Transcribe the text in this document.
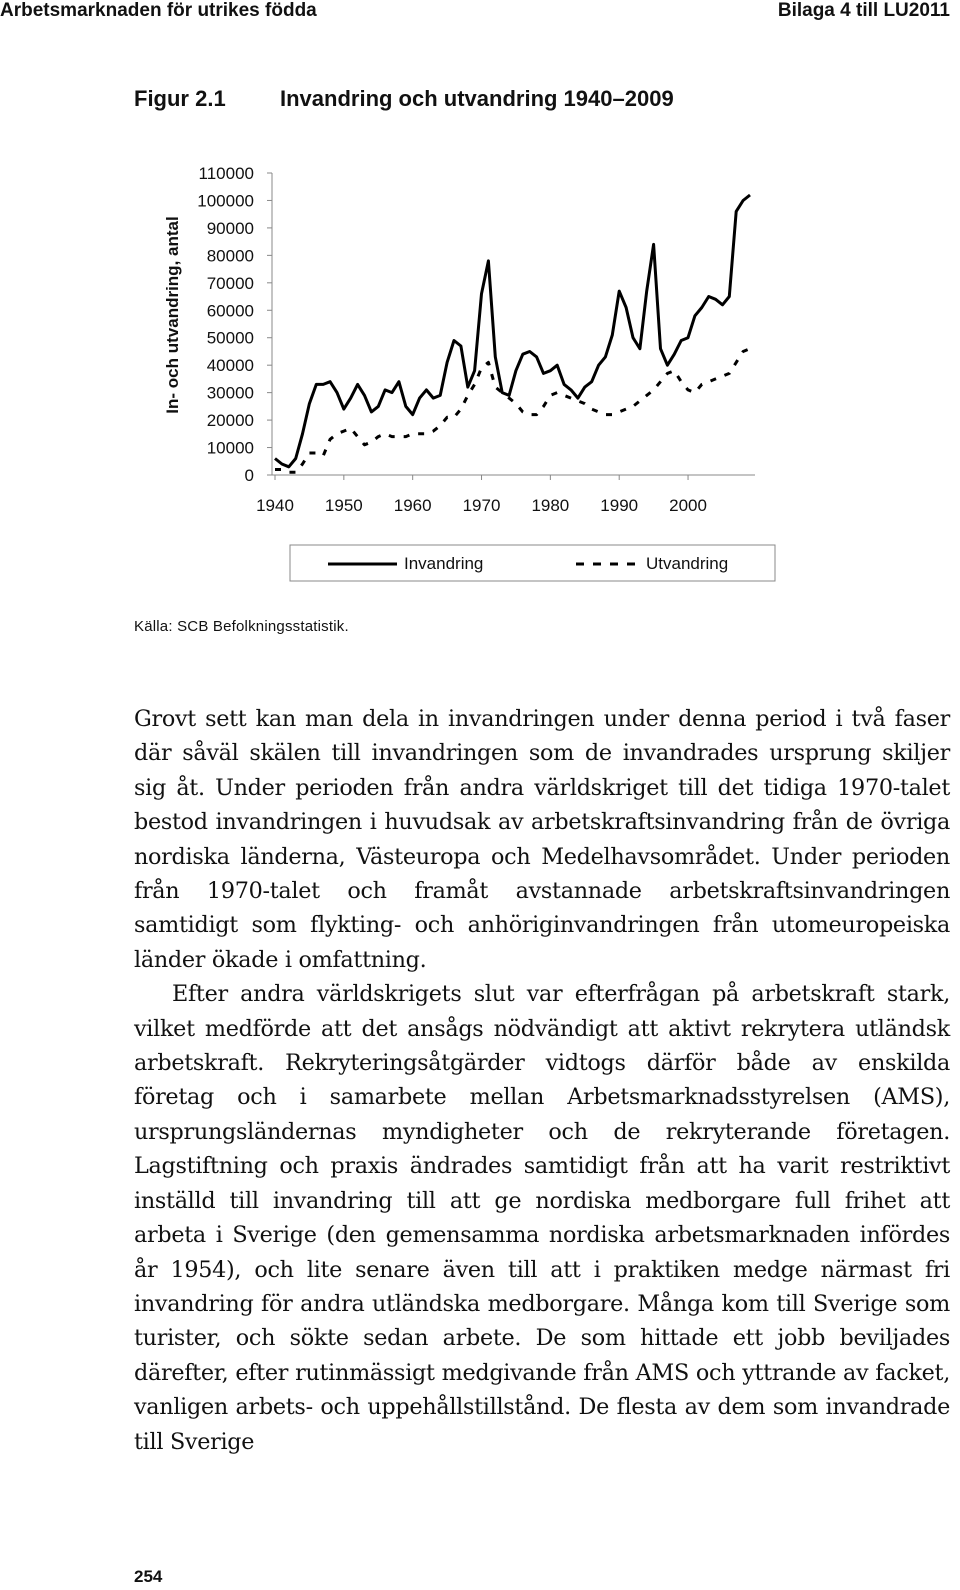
Arbetsmarknaden för utrikes födda	Bilaga 4 till LU2011
Figur 2.1 Invandring och utvandring 1940–2009
In- och utvandring, antal
110000
100000
90000
80000
70000
60000
50000
40000
30000
20000
10000
0
1940 1950 1960 1970 1980 1990 2000
Invandring	Utvandring
Källa: SCB Befolkningsstatistik.

Grovt sett kan man dela in invandringen under denna period i två faser där såväl skälen till invandringen som de invandrades ursprung skiljer sig åt. Under perioden från andra världskriget till det tidiga 1970-talet bestod invandringen i huvudsak av arbetskraftsinvandring från de övriga nordiska länderna, Västeuropa och Medelhavsområdet. Under perioden från 1970-talet och framåt avstannade arbetskraftsinvandringen samtidigt som flykting- och anhöriginvandringen från utomeuropeiska länder ökade i omfattning.

Efter andra världskrigets slut var efterfrågan på arbetskraft stark, vilket medförde att det ansågs nödvändigt att aktivt rekrytera utländsk arbetskraft. Rekryteringsåtgärder vidtogs därför både av enskilda företag och i samarbete mellan Arbetsmarknadsstyrelsen (AMS), ursprungsländernas myndigheter och de rekryterande företagen. Lagstiftning och praxis ändrades samtidigt från att ha varit restriktivt inställd till invandring till att ge nordiska medborgare full frihet att arbeta i Sverige (den gemensamma nordiska arbetsmarknaden infördes år 1954), och lite senare även till att i praktiken medge närmast fri invandring för andra utländska medborgare. Många kom till Sverige som turister, och sökte sedan arbete. De som hittade ett jobb beviljades därefter, efter rutinmässigt medgivande från AMS och yttrande av facket, vanligen arbets- och uppehållstillstånd. De flesta av dem som invandrade till Sverige

254
